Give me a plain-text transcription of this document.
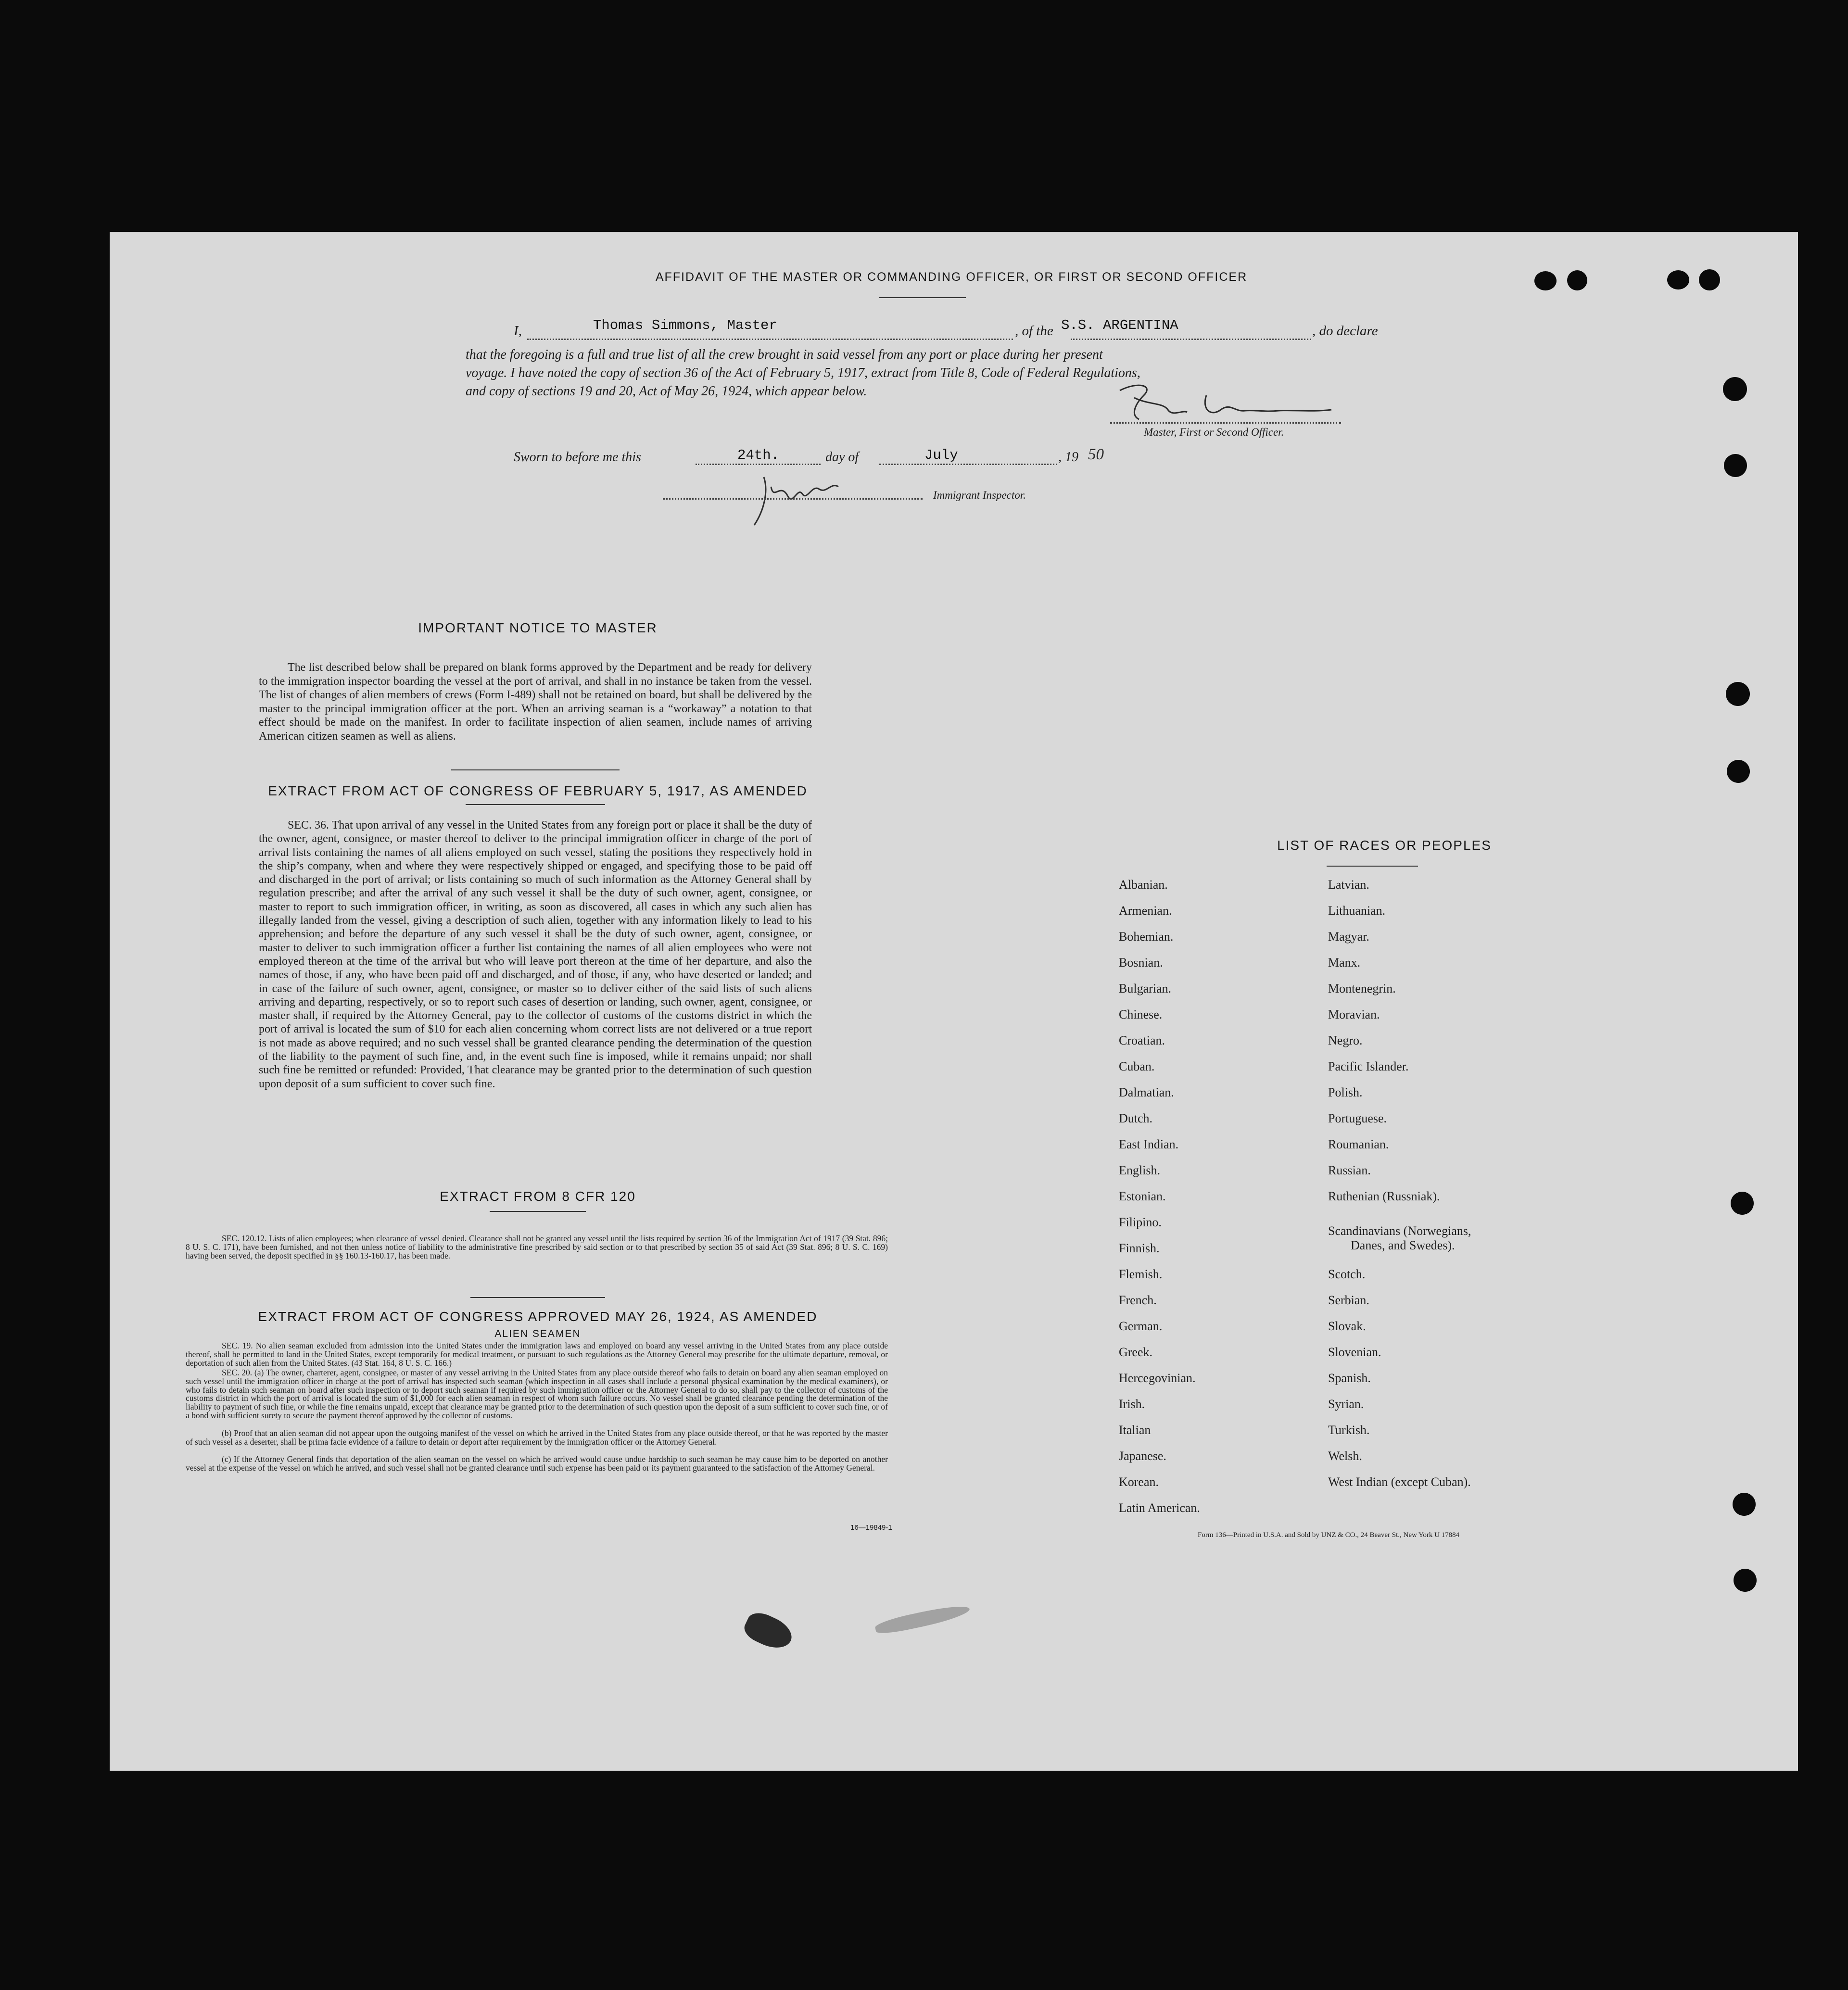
AFFIDAVIT OF THE MASTER OR COMMANDING OFFICER, OR FIRST OR SECOND OFFICER
I,	Thomas Simmons, Master	, of the S.S. ARGENTINA	, do declare
that the foregoing is a full and true list of all the crew brought in said vessel from any port or place during her present
voyage. I have noted the copy of section 36 of the Act of February 5, 1917, extract from Title 8, Code of Federal Regulations,
and copy of sections 19 and 20, Act of May 26, 1924, which appear below.
Master, First or Second Officer.
Sworn to before me this	24th.	day of	July	, 19 50
Immigrant Inspector.
IMPORTANT NOTICE TO MASTER
The list described below shall be prepared on blank forms approved by the Department and be ready for delivery to the immigration inspector boarding the vessel at the port of arrival, and shall in no instance be taken from the vessel. The list of changes of alien members of crews (Form I-489) shall not be retained on board, but shall be delivered by the master to the principal immigration officer at the port. When an arriving seaman is a “workaway” a notation to that effect should be made on the manifest. In order to facilitate inspection of alien seamen, include names of arriving American citizen seamen as well as aliens.
EXTRACT FROM ACT OF CONGRESS OF FEBRUARY 5, 1917, AS AMENDED
SEC. 36. That upon arrival of any vessel in the United States from any foreign port or place it shall be the duty of the owner, agent, consignee, or master thereof to deliver to the principal immigration officer in charge of the port of arrival lists containing the names of all aliens employed on such vessel, stating the positions they respectively hold in the ship’s company, when and where they were respectively shipped or engaged, and specifying those to be paid off and discharged in the port of arrival; or lists containing so much of such information as the Attorney General shall by regulation prescribe; and after the arrival of any such vessel it shall be the duty of such owner, agent, consignee, or master to report to such immigration officer, in writing, as soon as discovered, all cases in which any such alien has illegally landed from the vessel, giving a description of such alien, together with any information likely to lead to his apprehension; and before the departure of any such vessel it shall be the duty of such owner, agent, consignee, or master to deliver to such immigration officer a further list containing the names of all alien employees who were not employed thereon at the time of the arrival but who will leave port thereon at the time of her departure, and also the names of those, if any, who have been paid off and discharged, and of those, if any, who have deserted or landed; and in case of the failure of such owner, agent, consignee, or master so to deliver either of the said lists of such aliens arriving and departing, respectively, or so to report such cases of desertion or landing, such owner, agent, consignee, or master shall, if required by the Attorney General, pay to the collector of customs of the customs district in which the port of arrival is located the sum of $10 for each alien concerning whom correct lists are not delivered or a true report is not made as above required; and no such vessel shall be granted clearance pending the determination of the question of the liability to the payment of such fine, and, in the event such fine is imposed, while it remains unpaid; nor shall such fine be remitted or refunded: Provided, That clearance may be granted prior to the determination of such question upon deposit of a sum sufficient to cover such fine.
EXTRACT FROM 8 CFR 120
SEC. 120.12. Lists of alien employees; when clearance of vessel denied. Clearance shall not be granted any vessel until the lists required by section 36 of the Immigration Act of 1917 (39 Stat. 896; 8 U. S. C. 171), have been furnished, and not then unless notice of liability to the administrative fine prescribed by said section or to that prescribed by section 35 of said Act (39 Stat. 896; 8 U. S. C. 169) having been served, the deposit specified in §§ 160.13-160.17, has been made.
EXTRACT FROM ACT OF CONGRESS APPROVED MAY 26, 1924, AS AMENDED
ALIEN SEAMEN
SEC. 19. No alien seaman excluded from admission into the United States under the immigration laws and employed on board any vessel arriving in the United States from any place outside thereof, shall be permitted to land in the United States, except temporarily for medical treatment, or pursuant to such regulations as the Attorney General may prescribe for the ultimate departure, removal, or deportation of such alien from the United States. (43 Stat. 164, 8 U. S. C. 166.)
SEC. 20. (a) The owner, charterer, agent, consignee, or master of any vessel arriving in the United States from any place outside thereof who fails to detain on board any alien seaman employed on such vessel until the immigration officer in charge at the port of arrival has inspected such seaman (which inspection in all cases shall include a personal physical examination by the medical examiners), or who fails to detain such seaman on board after such inspection or to deport such seaman if required by such immigration officer or the Attorney General to do so, shall pay to the collector of customs of the customs district in which the port of arrival is located the sum of $1,000 for each alien seaman in respect of whom such failure occurs. No vessel shall be granted clearance pending the determination of the liability to payment of such fine, or while the fine remains unpaid, except that clearance may be granted prior to the determination of such question upon the deposit of a sum sufficient to cover such fine, or of a bond with sufficient surety to secure the payment thereof approved by the collector of customs.
(b) Proof that an alien seaman did not appear upon the outgoing manifest of the vessel on which he arrived in the United States from any place outside thereof, or that he was reported by the master of such vessel as a deserter, shall be prima facie evidence of a failure to detain or deport after requirement by the immigration officer or the Attorney General.
(c) If the Attorney General finds that deportation of the alien seaman on the vessel on which he arrived would cause undue hardship to such seaman he may cause him to be deported on another vessel at the expense of the vessel on which he arrived, and such vessel shall not be granted clearance until such expense has been paid or its payment guaranteed to the satisfaction of the Attorney General.
16—19849-1
LIST OF RACES OR PEOPLES
Albanian.
Armenian.
Bohemian.
Bosnian.
Bulgarian.
Chinese.
Croatian.
Cuban.
Dalmatian.
Dutch.
East Indian.
English.
Estonian.
Filipino.
Finnish.
Flemish.
French.
German.
Greek.
Hercegovinian.
Irish.
Italian
Japanese.
Korean.
Latin American.
Latvian.
Lithuanian.
Magyar.
Manx.
Montenegrin.
Moravian.
Negro.
Pacific Islander.
Polish.
Portuguese.
Roumanian.
Russian.
Ruthenian (Russniak).
Scandinavians (Norwegians,
Danes, and Swedes).
Scotch.
Serbian.
Slovak.
Slovenian.
Spanish.
Syrian.
Turkish.
Welsh.
West Indian (except Cuban).
Form 136—Printed in U.S.A. and Sold by UNZ & CO., 24 Beaver St., New York U 17884
